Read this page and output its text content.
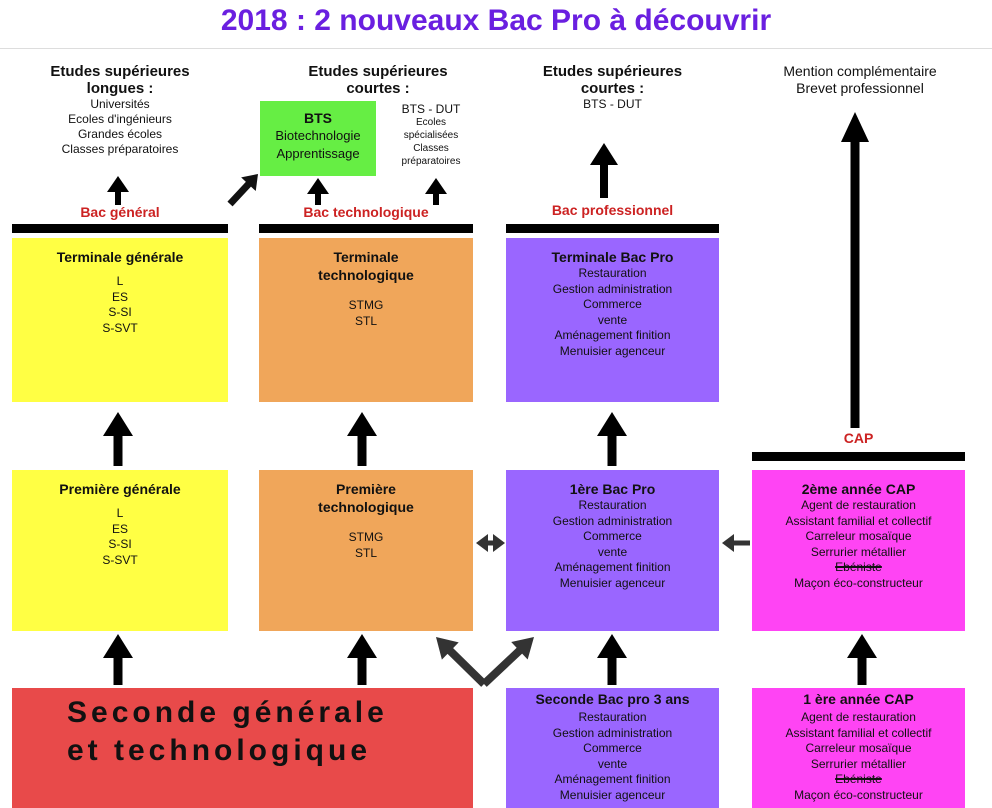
2018 : 2 nouveaux Bac Pro à découvrir
Etudes supérieures
longues :
Universités
Ecoles d'ingénieurs
Grandes écoles
Classes préparatoires
Etudes supérieures
courtes :
BTS
Biotechnologie
Apprentissage
BTS - DUT
Ecoles
spécialisées
Classes
préparatoires
Etudes supérieures
courtes :
BTS - DUT
Mention complémentaire
Brevet professionnel
Bac général	Bac technologique	Bac professionnel
CAP
Terminale générale
L
ES
S-SI
S-SVT
Terminale technologique
STMG
STL
Terminale Bac Pro
Restauration
Gestion administration
Commerce
vente
Aménagement finition
Menuisier agenceur
Première générale
L
ES
S-SI
S-SVT
Première technologique
STMG
STL
1ère Bac Pro
Restauration
Gestion administration
Commerce
vente
Aménagement finition
Menuisier agenceur
2ème année CAP
Agent de restauration
Assistant familial et collectif
Carreleur mosaïque
Serrurier métallier
Ebéniste
Maçon éco-constructeur
Seconde générale
et technologique
Seconde Bac pro 3 ans
Restauration
Gestion administration
Commerce
vente
Aménagement finition
Menuisier agenceur
1 ère année CAP
Agent de restauration
Assistant familial et collectif
Carreleur mosaïque
Serrurier métallier
Ebéniste
Maçon éco-constructeur
